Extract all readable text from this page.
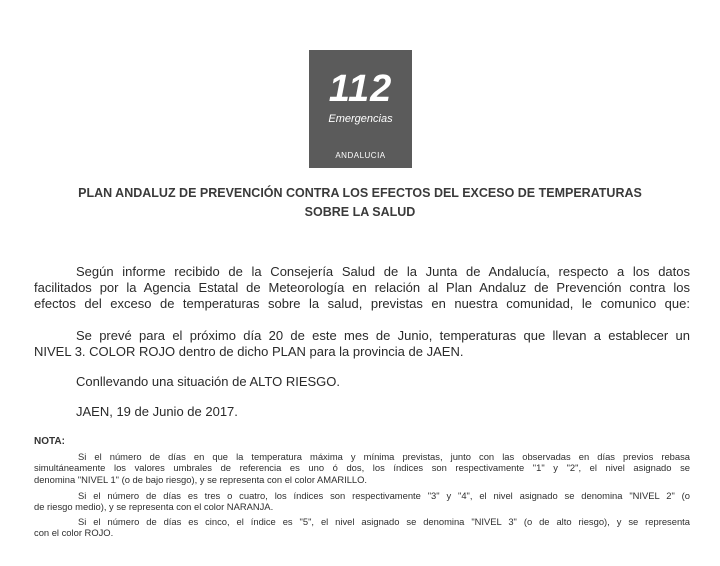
112
Emergencias
ANDALUCIA
PLAN ANDALUZ DE PREVENCIÓN CONTRA LOS EFECTOS DEL EXCESO DE TEMPERATURAS
SOBRE LA SALUD
Según informe recibido de la Consejería Salud de la Junta de Andalucía, respecto a los datos
facilitados por la Agencia Estatal de Meteorología en relación al Plan Andaluz de Prevención contra los
efectos del exceso de temperaturas sobre la salud, previstas en nuestra comunidad, le comunico que:
Se prevé para el próximo día 20 de este mes de Junio, temperaturas que llevan a establecer un
NIVEL 3. COLOR ROJO dentro de dicho PLAN para la provincia de JAEN.
Conllevando una situación de ALTO RIESGO.
JAEN, 19 de Junio de 2017.
NOTA:
Si el número de días en que la temperatura máxima y mínima previstas, junto con las observadas en días previos rebasa
simultáneamente los valores umbrales de referencia es uno ó dos, los índices son respectivamente "1" y "2", el nivel asignado se
denomina "NIVEL 1" (o de bajo riesgo), y se representa con el color AMARILLO.
Si el número de días es tres o cuatro, los índices son respectivamente "3" y "4", el nivel asignado se denomina "NIVEL 2" (o
de riesgo medio), y se representa con el color NARANJA.
Si el número de días es cinco, el índice es "5", el nivel asignado se denomina "NIVEL 3" (o de alto riesgo), y se representa
con el color ROJO.
